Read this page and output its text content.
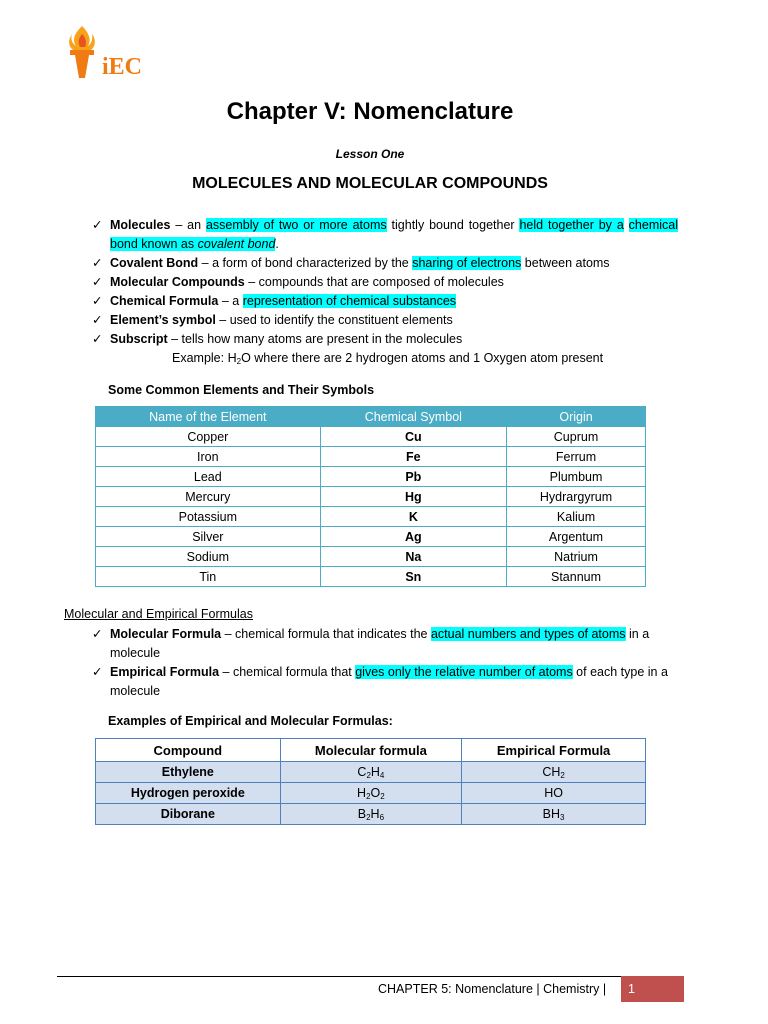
iEC
Chapter V: Nomenclature
Lesson One
MOLECULES AND MOLECULAR COMPOUNDS
✓ Molecules – an assembly of two or more atoms tightly bound together held together by a chemical bond known as covalent bond.
✓ Covalent Bond – a form of bond characterized by the sharing of electrons between atoms
✓ Molecular Compounds – compounds that are composed of molecules
✓ Chemical Formula – a representation of chemical substances
✓ Element’s symbol – used to identify the constituent elements
✓ Subscript – tells how many atoms are present in the molecules
Example: $H_2O$ where there are 2 hydrogen atoms and 1 Oxygen atom present
Some Common Elements and Their Symbols
Name of the Element	Chemical Symbol	Origin
Copper	Cu	Cuprum
Iron	Fe	Ferrum
Lead	Pb	Plumbum
Mercury	Hg	Hydrargyrum
Potassium	K	Kalium
Silver	Ag	Argentum
Sodium	Na	Natrium
Tin	Sn	Stannum
Molecular and Empirical Formulas
✓ Molecular Formula – chemical formula that indicates the actual numbers and types of atoms in a molecule
✓ Empirical Formula – chemical formula that gives only the relative number of atoms of each type in a molecule
Examples of Empirical and Molecular Formulas:
Compound	Molecular formula	Empirical Formula
Ethylene	$C_2H_4$	$CH_2$
Hydrogen peroxide	$H_2O_2$	HO
Diborane	$B_2H_6$	$BH_3$
CHAPTER 5: Nomenclature | Chemistry | 1
